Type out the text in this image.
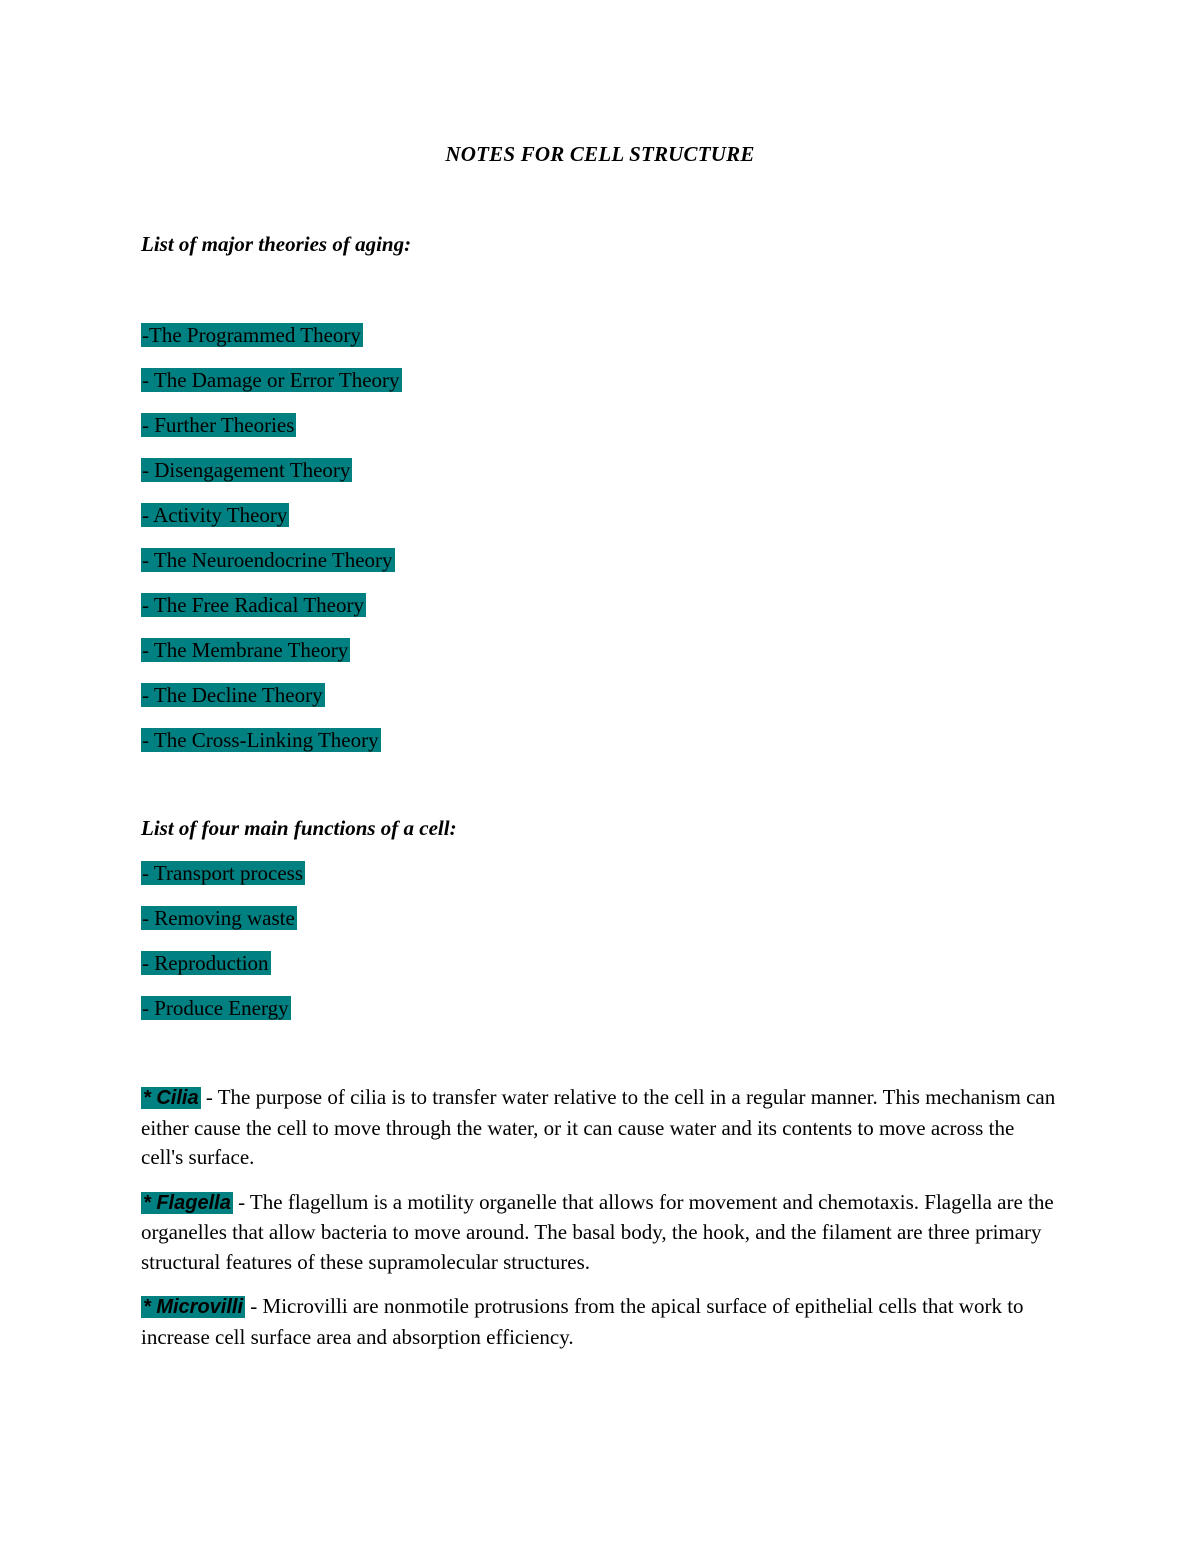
NOTES FOR CELL STRUCTURE
List of major theories of aging:
-The Programmed Theory
- The Damage or Error Theory
- Further Theories
- Disengagement Theory
- Activity Theory
- The Neuroendocrine Theory
- The Free Radical Theory
- The Membrane Theory
- The Decline Theory
- The Cross-Linking Theory
List of four main functions of a cell:
- Transport process
- Removing waste
- Reproduction
- Produce Energy

* Cilia - The purpose of cilia is to transfer water relative to the cell in a regular manner. This mechanism can either cause the cell to move through the water, or it can cause water and its contents to move across the cell's surface.

* Flagella - The flagellum is a motility organelle that allows for movement and chemotaxis. Flagella are the organelles that allow bacteria to move around. The basal body, the hook, and the filament are three primary structural features of these supramolecular structures.

* Microvilli - Microvilli are nonmotile protrusions from the apical surface of epithelial cells that work to increase cell surface area and absorption efficiency.
